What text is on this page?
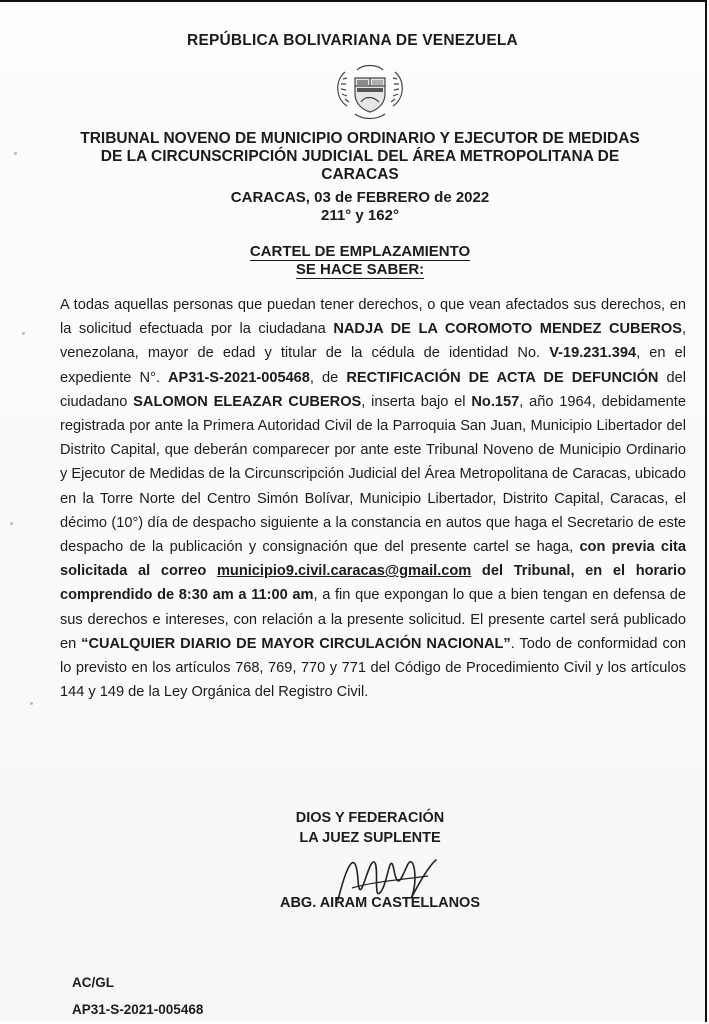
REPÚBLICA BOLIVARIANA DE VENEZUELA
TRIBUNAL NOVENO DE MUNICIPIO ORDINARIO Y EJECUTOR DE MEDIDAS
DE LA CIRCUNSCRIPCIÓN JUDICIAL DEL ÁREA METROPOLITANA DE
CARACAS
CARACAS, 03 de FEBRERO de 2022
211° y 162°
CARTEL DE EMPLAZAMIENTO
SE HACE SABER:
A todas aquellas personas que puedan tener derechos, o que vean afectados sus derechos, en la solicitud efectuada por la ciudadana NADJA DE LA COROMOTO MENDEZ CUBEROS, venezolana, mayor de edad y titular de la cédula de identidad No. V-19.231.394, en el expediente N°. AP31-S-2021-005468, de RECTIFICACIÓN DE ACTA DE DEFUNCIÓN del ciudadano SALOMON ELEAZAR CUBEROS, inserta bajo el No.157, año 1964, debidamente registrada por ante la Primera Autoridad Civil de la Parroquia San Juan, Municipio Libertador del Distrito Capital, que deberán comparecer por ante este Tribunal Noveno de Municipio Ordinario y Ejecutor de Medidas de la Circunscripción Judicial del Área Metropolitana de Caracas, ubicado en la Torre Norte del Centro Simón Bolívar, Municipio Libertador, Distrito Capital, Caracas, el décimo (10°) día de despacho siguiente a la constancia en autos que haga el Secretario de este despacho de la publicación y consignación que del presente cartel se haga, con previa cita solicitada al correo municipio9.civil.caracas@gmail.com del Tribunal, en el horario comprendido de 8:30 am a 11:00 am, a fin que expongan lo que a bien tengan en defensa de sus derechos e intereses, con relación a la presente solicitud. El presente cartel será publicado en “CUALQUIER DIARIO DE MAYOR CIRCULACIÓN NACIONAL”. Todo de conformidad con lo previsto en los artículos 768, 769, 770 y 771 del Código de Procedimiento Civil y los artículos 144 y 149 de la Ley Orgánica del Registro Civil.
DIOS Y FEDERACIÓN
LA JUEZ SUPLENTE
ABG. AIRAM CASTELLANOS
AC/GL
AP31-S-2021-005468
